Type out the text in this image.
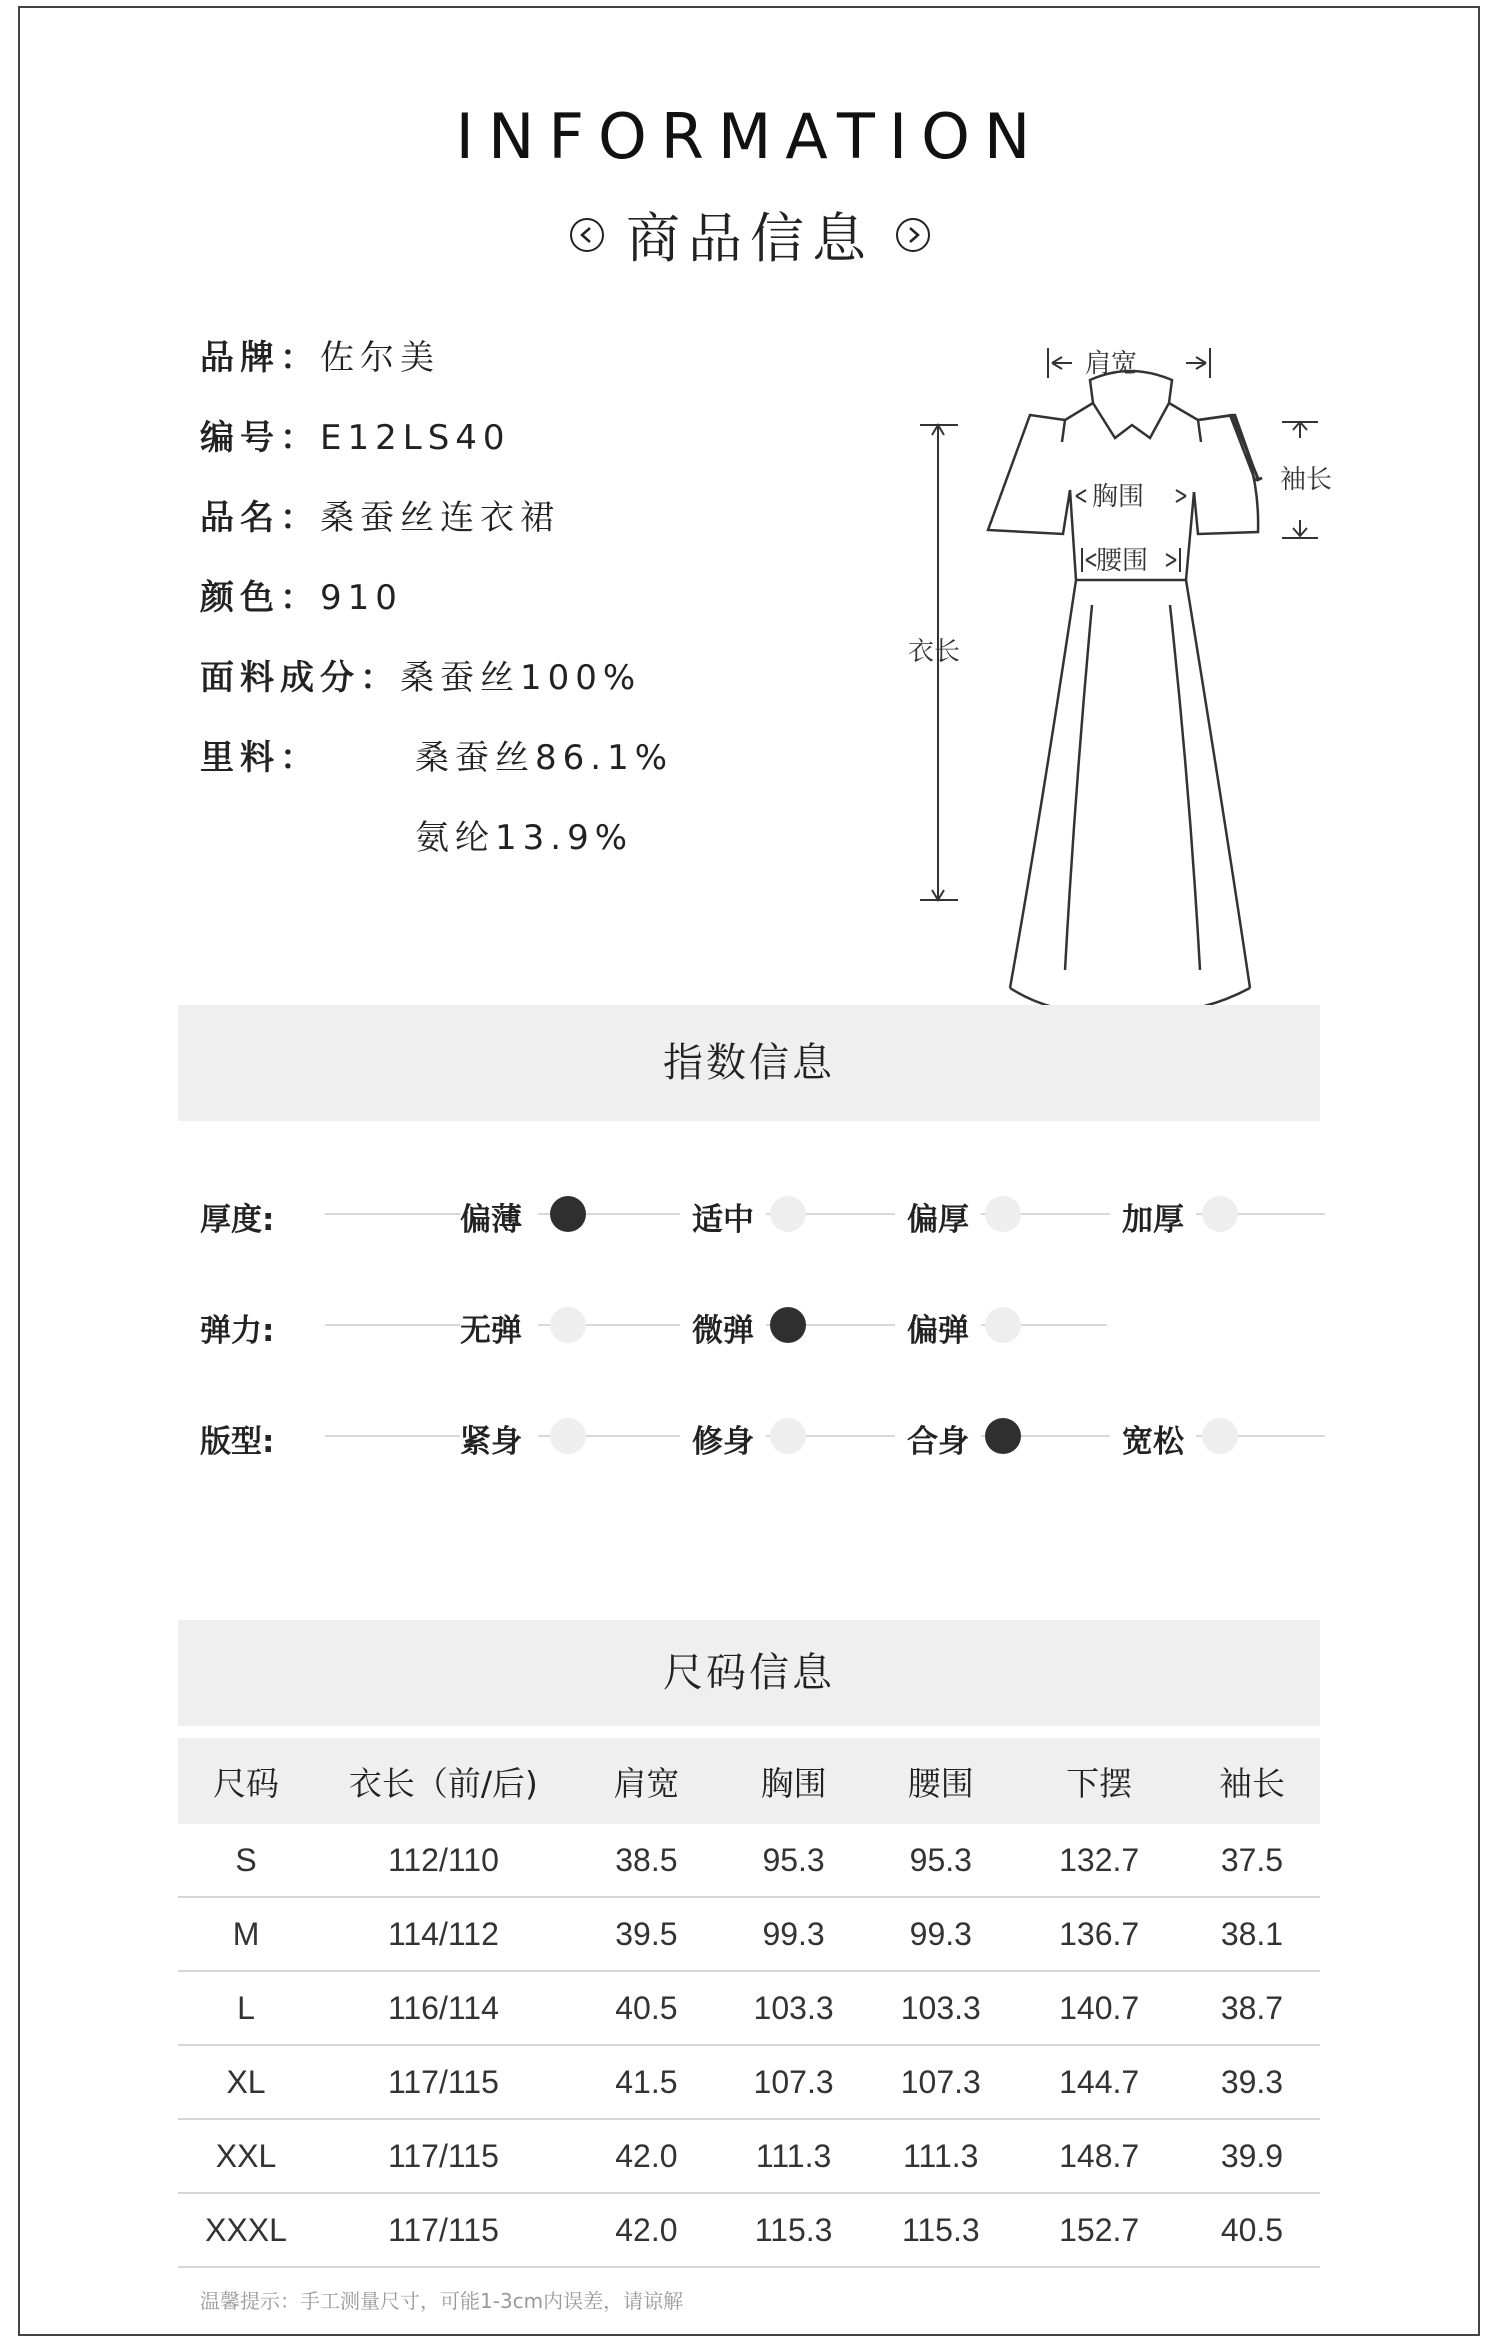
INFORMATION
商品信息
品牌：佐尔美
编号：E12LS40
品名：桑蚕丝连衣裙
颜色：910
面料成分：桑蚕丝100%
里料：	桑蚕丝86.1%
氨纶13.9%
肩宽
袖长
胸围
腰围
衣长
指数信息
厚度:	偏薄	适中	偏厚	加厚
弹力:	无弹	微弹	偏弹
版型:	紧身	修身	合身	宽松
尺码信息
尺码	衣长（前/后)	肩宽	胸围	腰围	下摆	袖长
S	112/110	38.5	95.3	95.3	132.7	37.5
M	114/112	39.5	99.3	99.3	136.7	38.1
L	116/114	40.5	103.3	103.3	140.7	38.7
XL	117/115	41.5	107.3	107.3	144.7	39.3
XXL	117/115	42.0	111.3	111.3	148.7	39.9
XXXL	117/115	42.0	115.3	115.3	152.7	40.5
温馨提示：手工测量尺寸，可能1-3cm内误差，请谅解
